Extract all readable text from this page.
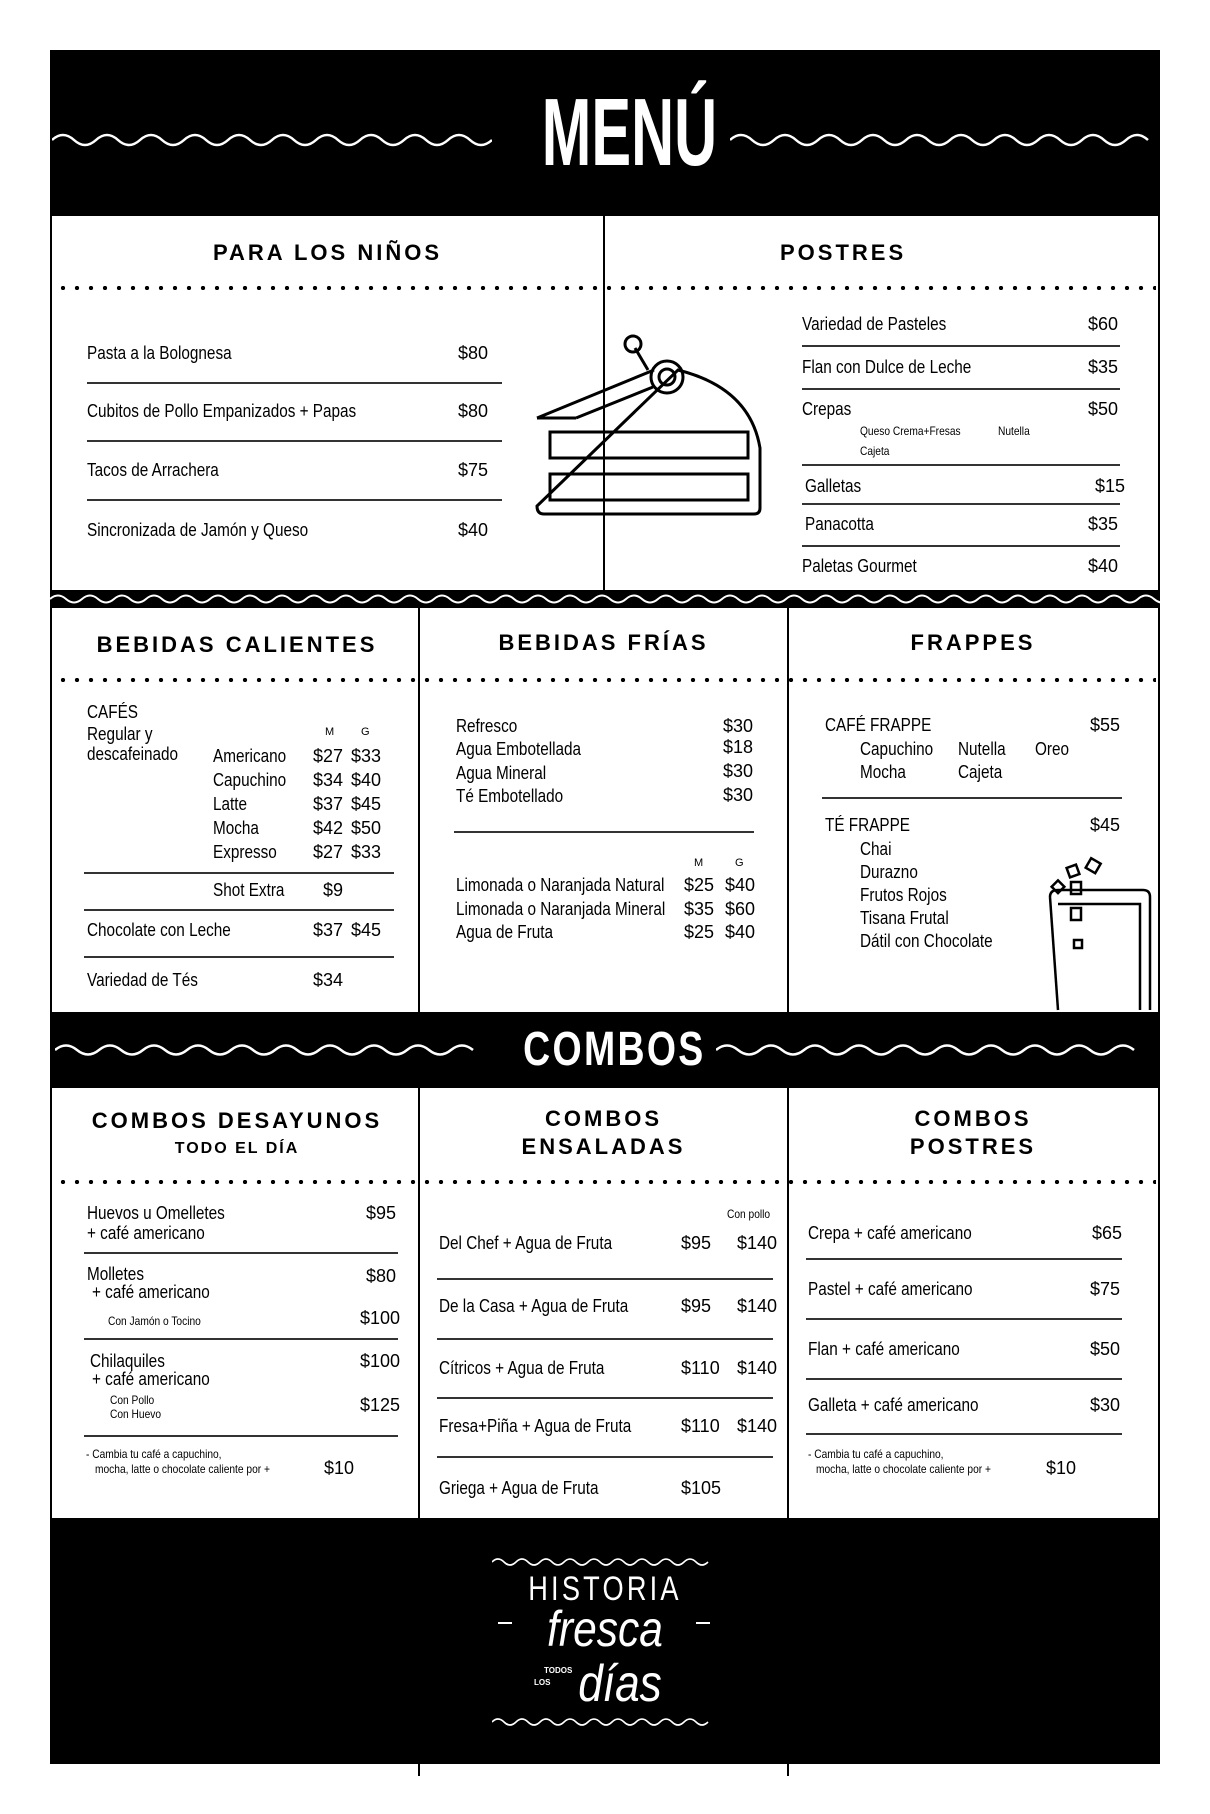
MENÚ
PARA LOS NIÑOS	POSTRES
Pasta a la Bolognesa	$80
Cubitos de Pollo Empanizados + Papas	$80
Tacos de Arrachera	$75
Sincronizada de Jamón y Queso	$40
Variedad de Pasteles	$60
Flan con Dulce de Leche	$35
Crepas	$50
Queso Crema+Fresas	Nutella
Cajeta
Galletas	$15
Panacotta	$35
Paletas Gourmet	$40
BEBIDAS CALIENTES	BEBIDAS FRÍAS	FRAPPES
CAFÉS
Regular y
descafeinado
M G
Americano $27 $33
Capuchino $34 $40
Latte	$37 $45
Mocha	$42 $50
Expresso $27 $33
Shot Extra $9
Chocolate con Leche	$37 $45
Variedad de Tés	$34
Refresco	$30
Agua Embotellada	$18
Agua Mineral	$30
Té Embotellado	$30
M	G
Limonada o Naranjada Natural $25 $40
Limonada o Naranjada Mineral $35 $60
Agua de Fruta	$25 $40
CAFÉ FRAPPE	$55
Capuchino Nutella Oreo
Mocha	Cajeta
TÉ FRAPPE	$45
Chai
Durazno
Frutos Rojos
Tisana Frutal
Dátil con Chocolate
COMBOS
COMBOS DESAYUNOS
TODO EL DÍA
COMBOS
ENSALADAS
COMBOS
POSTRES
Huevos u Omelletes
+ café americano
$95
Molletes
+ café americano
$80
Con Jamón o Tocino	$100
Chilaquiles
+ café americano
$100
Con Pollo
Con Huevo	$125
- Cambia tu café a capuchino,
mocha, latte o chocolate caliente por +	$10
Con pollo
Del Chef + Agua de Fruta	$95 $140
De la Casa + Agua de Fruta	$95 $140
Cítricos + Agua de Fruta	$110 $140
Fresa+Piña + Agua de Fruta	$110 $140
Griega + Agua de Fruta	$105
Crepa + café americano	$65
Pastel + café americano	$75
Flan + café americano	$50
Galleta + café americano	$30
- Cambia tu café a capuchino,
mocha, latte o chocolate caliente por +	$10
HISTORIA
fresca
TODOS
LOS días
